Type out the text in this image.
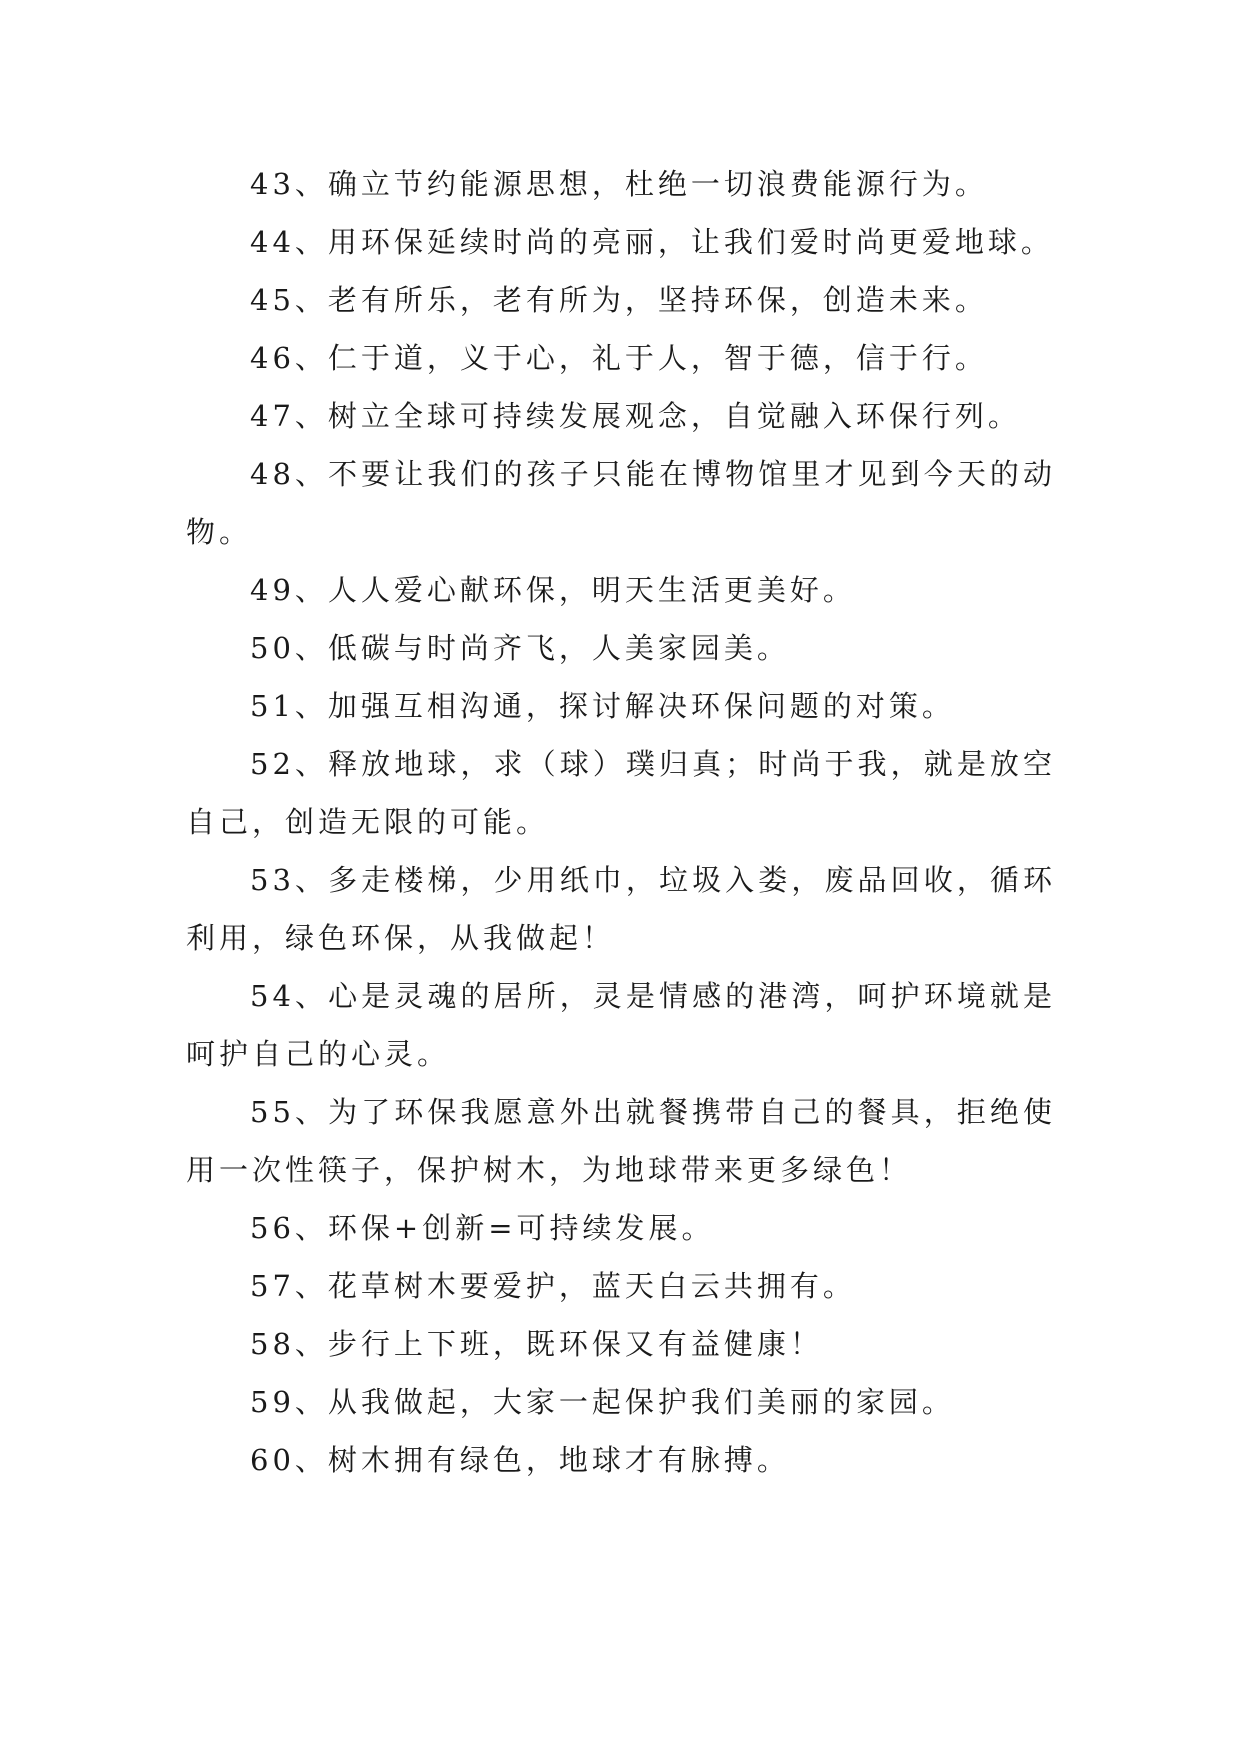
43、确立节约能源思想，杜绝一切浪费能源行为。

44、用环保延续时尚的亮丽，让我们爱时尚更爱地球。

45、老有所乐，老有所为，坚持环保，创造未来。

46、仁于道，义于心，礼于人，智于德，信于行。

47、树立全球可持续发展观念，自觉融入环保行列。

48、不要让我们的孩子只能在博物馆里才见到今天的动物。

49、人人爱心献环保，明天生活更美好。

50、低碳与时尚齐飞，人美家园美。

51、加强互相沟通，探讨解决环保问题的对策。

52、释放地球，求（球）璞归真；时尚于我，就是放空自己，创造无限的可能。

53、多走楼梯，少用纸巾，垃圾入娄，废品回收，循环利用，绿色环保，从我做起！

54、心是灵魂的居所，灵是情感的港湾，呵护环境就是呵护自己的心灵。

55、为了环保我愿意外出就餐携带自己的餐具，拒绝使用一次性筷子，保护树木，为地球带来更多绿色！

56、环保+创新=可持续发展。

57、花草树木要爱护，蓝天白云共拥有。

58、步行上下班，既环保又有益健康！

59、从我做起，大家一起保护我们美丽的家园。

60、树木拥有绿色，地球才有脉搏。
